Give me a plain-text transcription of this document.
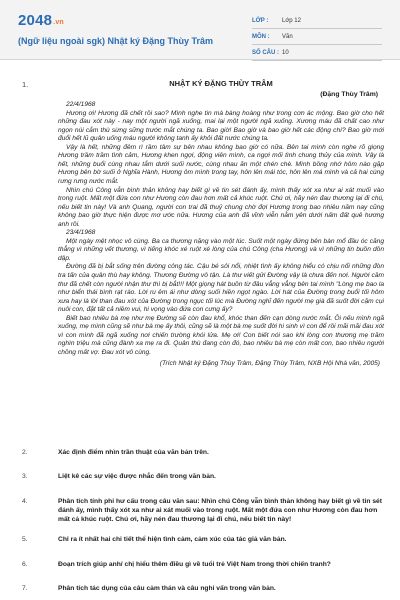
2048.vn
(Ngữ liệu ngoài sgk) Nhật ký Đặng Thùy Trâm
LỚP :	Lớp 12
MÔN :	Văn
SỐ CÂU : 10
1.	NHẬT KÝ ĐẶNG THÙY TRÂM
(Đặng Thùy Trâm)
22/4/1968

Hương ơi! Hương đã chết rồi sao? Mình nghe tin mà bàng hoàng như trong cơn ác mộng. Bao giờ cho hết những đau xót này - nay một người ngã xuống, mai lại một người ngã xuống. Xương máu đã chất cao như ngọn núi cắm thù sừng sững trước mắt chúng ta. Bao giờ! Bao giờ và bao giờ hết các động chí? Bao giờ mới đuổi hết lũ quân uống máu người không tanh ấy khỏi đất nước chúng ta.

Vậy là hết, những đêm rì rầm tâm sự bên nhau không bao giờ có nữa. Bên tai mình còn nghe rõ giọng Hương trầm trầm tình cảm, Hương khen ngợi, động viên mình, ca ngợi mối tình chung thủy của mình. Vậy là hết, những buổi cùng nhau tắm dưới suối nước, cùng nhau ăn một chén chè. Mình bồng nhớ hôm nào gặp Hương bên bờ suối ở Nghĩa Hành, Hương ôm mình trong tay, hôn lên mái tóc, hôn lên má mình và cả hai cùng rưng rưng nước mắt.

Nhìn chú Công vẫn bình thản không hay biết gì về tin sét đánh ấy, mình thấy xót xa như ai xát muối vào trong ruột. Mất một đứa con như Hương còn đau hơn mất cả khúc ruột. Chú ơi, hãy nén đau thương lại đi chú, nếu biết tin này! Và anh Quang, người con trai đã thuỷ chung chờ đợi Hương trong bao nhiêu năm nay cũng không bao giờ thực hiện được mơ ước nữa. Hương của anh đã vĩnh viễn nằm yên dưới nấm đất quê hương anh rồi.

23/4/1968

Một ngày mệt nhọc vô cùng. Ba ca thương nặng vào một lúc. Suốt một ngày đứng bên bàn mổ đầu óc căng thẳng vì những vết thương, vì tiếng khóc xé ruột xé lòng của chú Công (cha Hương) và vì những tin buồn dồn dập.

Đường đã bị bắt sống trên đường công tác. Cậu bé sôi nổi, nhiệt tình ấy không hiểu có chịu nổi những đòn tra tấn của quân thù hay không. Thương Đường vô tận. Là thư viết gửi Đường vậy là chưa đến nơi. Người cầm thư đã chết còn người nhận thư thì bị bắt!!! Một giọng hát buồn từ đâu vẳng vẳng bên tai mình "Lòng mẹ bao la như biển thái bình rạt rào. Lời ru êm ái như dòng suối hiền ngọt ngào. Lời hát của Đường trong buổi tối hôm xưa hay là lời than đau xót của Đường trong ngục tối lúc mà Đường nghĩ đến người mẹ già đã suốt đời cặm cụi nuôi con, đặt tất cả niềm vui, hi vọng vào đứa con cưng ấy?

Biết bao nhiêu bà mẹ như mẹ Đường sẽ còn đau khổ, khóc than đến cạn dòng nước mắt. Ôi nếu mình ngã xuống, mẹ mình cũng sẽ như bà mẹ ấy thôi, cũng sẽ là một bà mẹ suốt đời hi sinh vì con để rồi mãi mãi đau xót vì con mình đã ngã xuống nơi chiến trường khói lửa. Mẹ ơi! Con biết nói sao khi lòng con thương mẹ trăm nghìn triệu mà cũng đành xa mẹ ra đi. Quân thù đang còn đó, bao nhiêu bà mẹ còn mất con, bao nhiêu người chồng mất vợ. Đau xót vô cùng.

(Trích Nhật ký Đặng Thùy Trâm, Đặng Thùy Trâm, NXB Hội Nhà văn, 2005)
2.	Xác định điểm nhìn trần thuật của văn bản trên.
3.	Liệt kê các sự việc được nhắc đến trong văn bản.
4.	Phân tích tính phi hư cấu trong câu văn sau: Nhìn chú Công vẫn bình thản không hay biết gì về tin sét đánh ấy, mình thấy xót xa như ai xát muối vào trong ruột. Mất một đứa con như Hương còn đau hơn mất cả khúc ruột. Chú ơi, hãy nén đau thương lại đi chú, nếu biết tin này!
5.	Chỉ ra ít nhất hai chi tiết thể hiện tình cảm, cảm xúc của tác giả văn bản.
6.	Đoạn trích giúp anh/ chị hiểu thêm điều gì về tuổi trẻ Việt Nam trong thời chiến tranh?
7.	Phân tích tác dụng của câu cảm thán và câu nghi vấn trong văn bản.
